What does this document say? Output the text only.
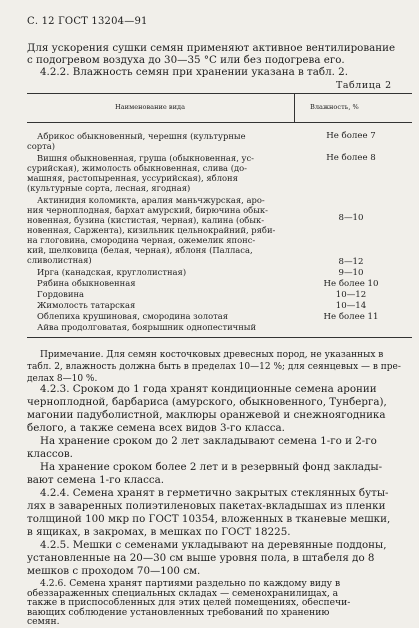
С. 12 ГОСТ 13204—91
Для ускорения сушки семян применяют активное вентилирование
с подогревом воздуха до 30—35 °С или без подогрева его.
4.2.2. Влажность семян при хранении указана в табл. 2.
Таблица 2
Наименование вида	Влажность, %
Абрикос обыкновенный, черешня (культурные
сорта)
Не более 7
Вишня обыкновенная, груша (обыкновенная, ус-
сурийская), жимолость обыкновенная, слива (до-
машняя, растопыренная, уссурийская), яблоня
(культурные сорта, лесная, ягодная)
Не более 8
Актинидия коломикта, аралия маньчжурская, аро-
ния черноплодная, бархат амурский, бирючина обык-
новенная, бузина (кистистая, черная), калина (обык-
новенная, Саржента), кизильник цельнокрайний, ряби-
на глоговина, смородина черная, ожемелик японс-
кий, шелковица (белая, черная), яблоня (Палласа,
сливолистная)
8—10
Ирга (канадская, круглолистная)
8—12
Рябина обыкновенная
9—10
Гордовина
Не более 10
Жимолость татарская
10—12
Облепиха крушиновая, смородина золотая
10—14
Айва продолговатая, боярышник однопестичный
Не более 11
Примечание. Для семян косточковых древесных пород, не указанных в
табл. 2, влажность должна быть в пределах 10—12 %; для сеянцевых — в пре-
делах 8—10 %.
4.2.3. Сроком до 1 года хранят кондиционные семена аронии
черноплодной, барбариса (амурского, обыкновенного, Тунберга),
магонии падуболистной, маклюры оранжевой и снежноягодника
белого, а также семена всех видов 3-го класса.
На хранение сроком до 2 лет закладывают семена 1-го и 2-го
классов.
На хранение сроком более 2 лет и в резервный фонд заклады-
вают семена 1-го класса.
4.2.4. Семена хранят в герметично закрытых стеклянных буты-
лях в заваренных полиэтиленовых пакетах-вкладышах из пленки
толщиной 100 мкр по ГОСТ 10354, вложенных в тканевые мешки,
в ящиках, в закромах, в мешках по ГОСТ 18225.
4.2.5. Мешки с семенами укладывают на деревянные поддоны,
установленные на 20—30 см выше уровня пола, в штабеля до 8
мешков с проходом 70—100 см.
4.2.6. Семена хранят партиями раздельно по каждому виду в
обеззараженных специальных складах — семенохранилищах, а
также в приспособленных для этих целей помещениях, обеспечи-
вающих соблюдение установленных требований по хранению
семян.
